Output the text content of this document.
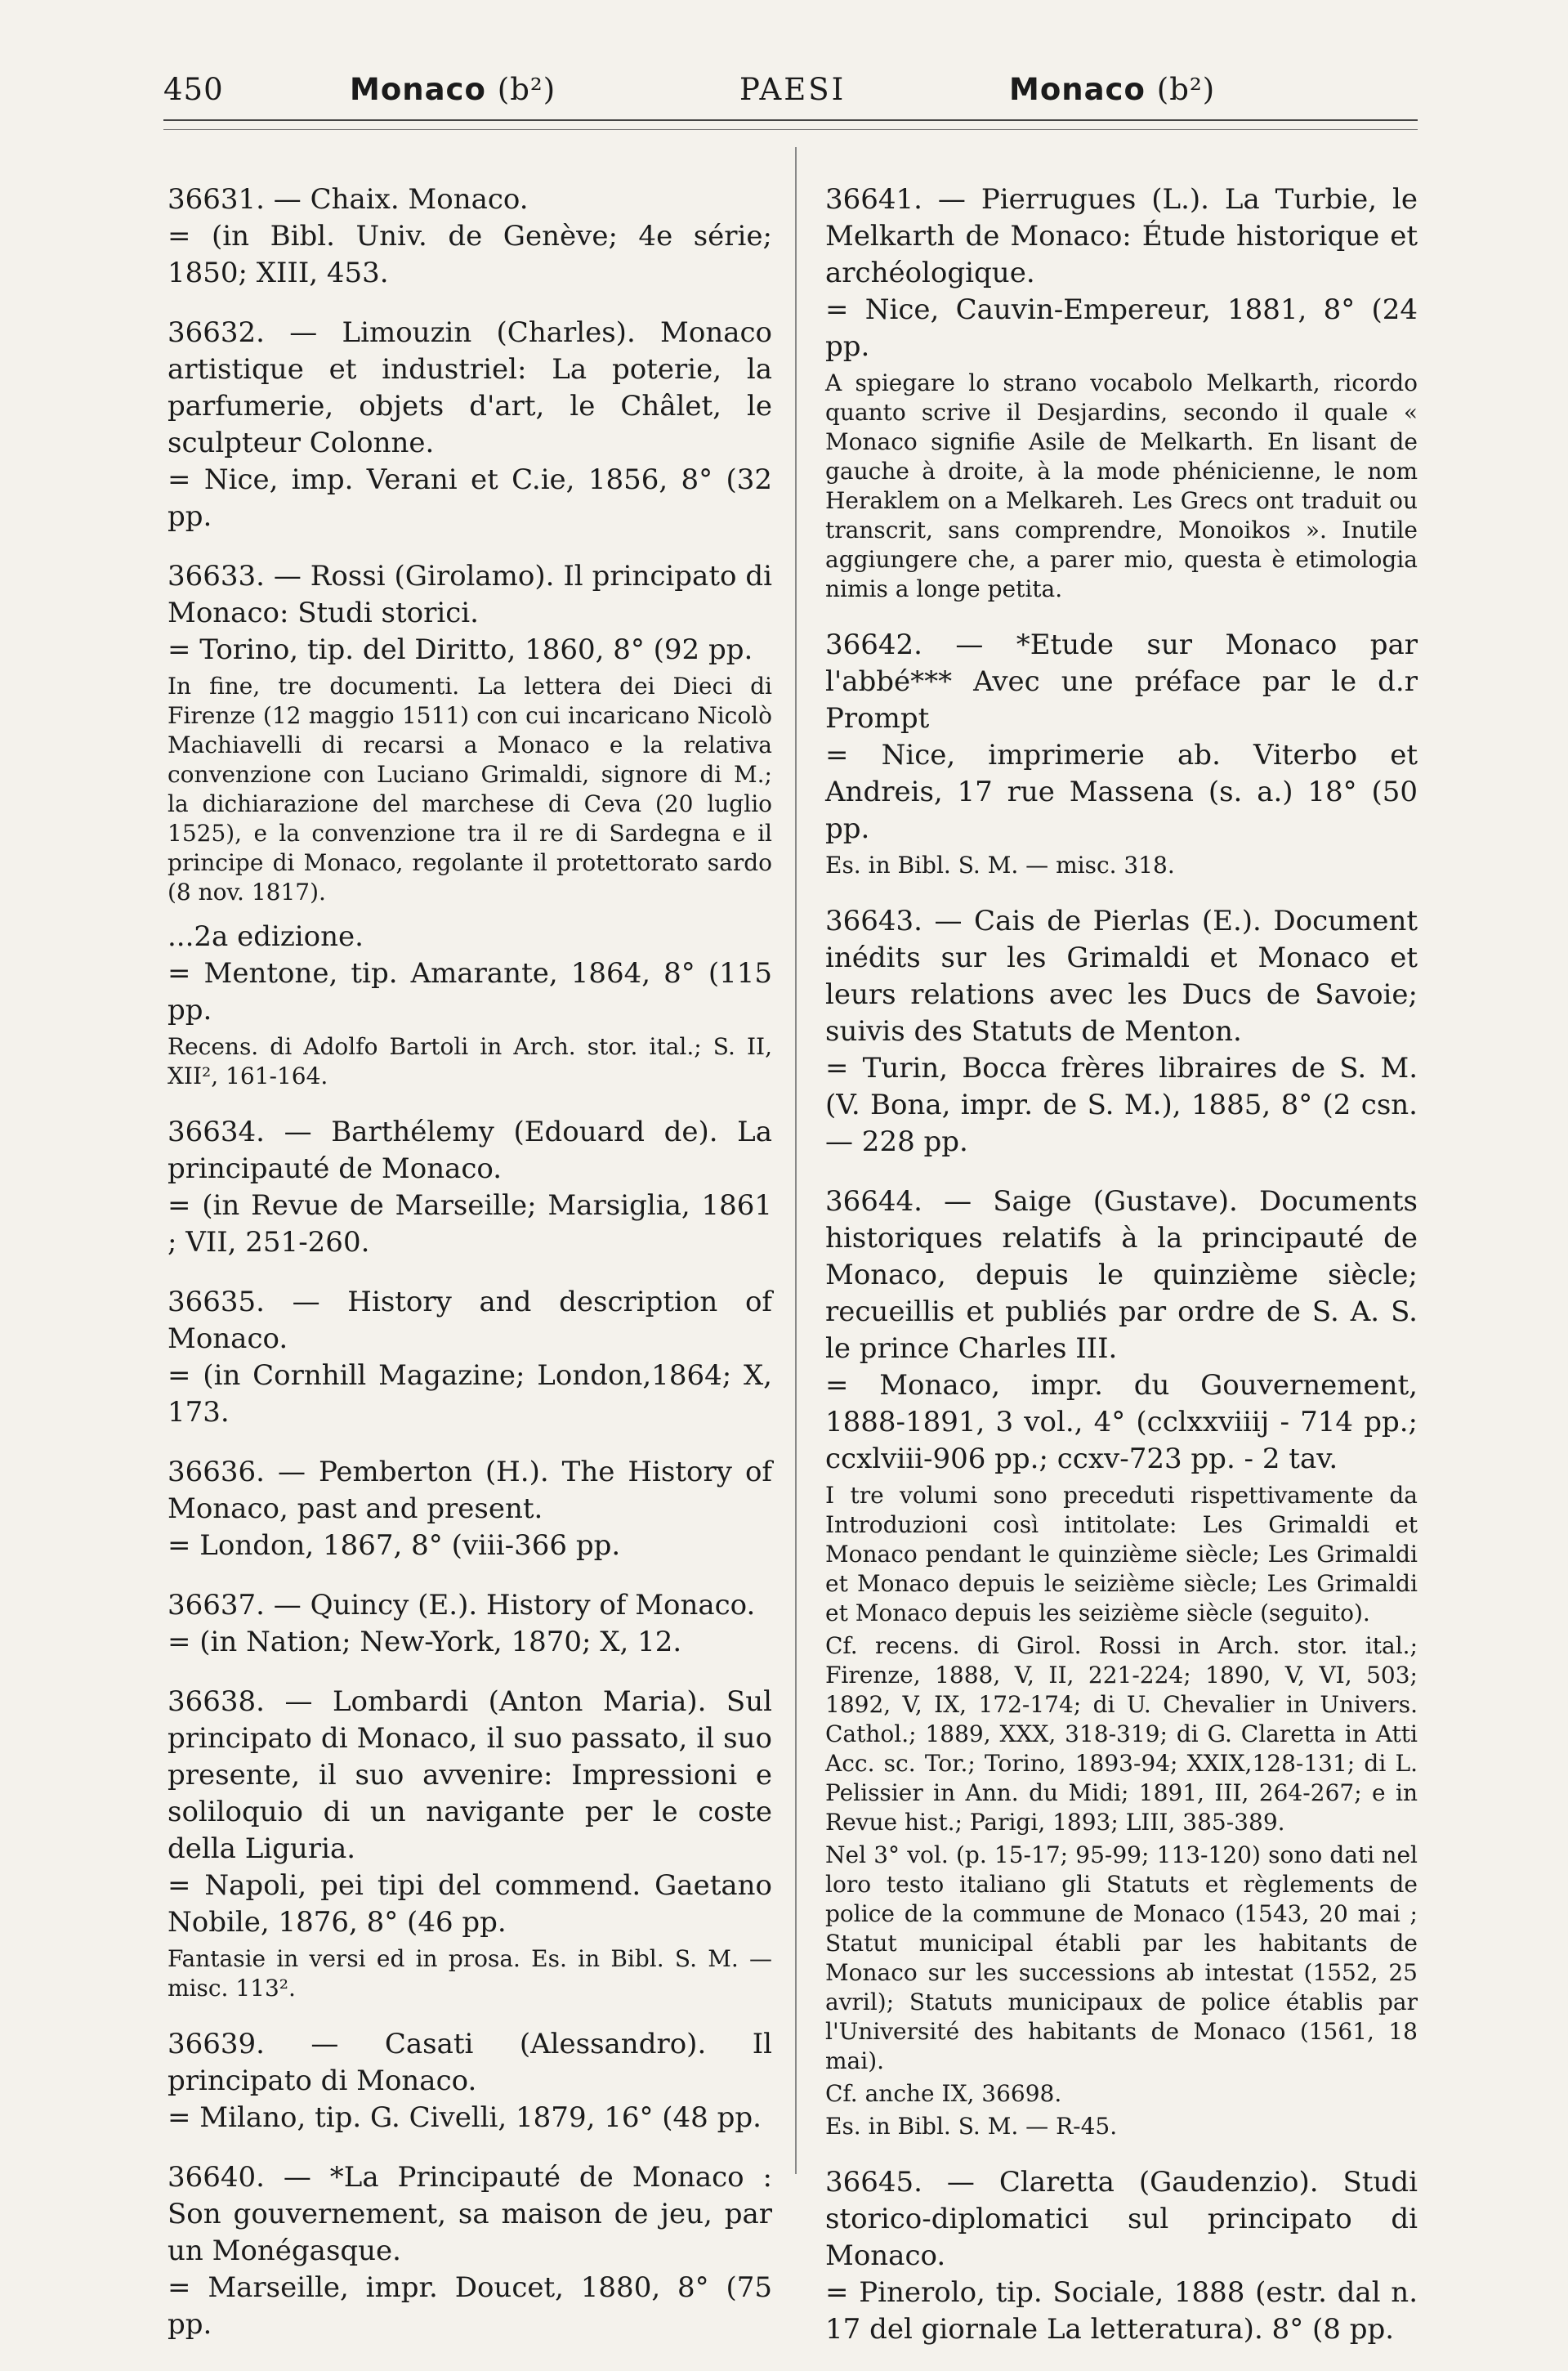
450	Monaco (b²)	PAESI	Monaco (b²)

36631. — Chaix. Monaco.

= (in Bibl. Univ. de Genève; 4e série; 1850; XIII, 453.

36632. — Limouzin (Charles). Monaco artistique et industriel: La poterie, la parfumerie, objets d'art, le Châlet, le sculpteur Colonne.

= Nice, imp. Verani et C.ie, 1856, 8° (32 pp.

36633. — Rossi (Girolamo). Il principato di Monaco: Studi storici.

= Torino, tip. del Diritto, 1860, 8° (92 pp.

In fine, tre documenti. La lettera dei Dieci di Firenze (12 maggio 1511) con cui incaricano Nicolò Machiavelli di recarsi a Monaco e la relativa convenzione con Luciano Grimaldi, signore di M.; la dichiarazione del marchese di Ceva (20 luglio 1525), e la convenzione tra il re di Sardegna e il principe di Monaco, regolante il protettorato sardo (8 nov. 1817).

...2a edizione.

= Mentone, tip. Amarante, 1864, 8° (115 pp.

Recens. di Adolfo Bartoli in Arch. stor. ital.; S. II, XII², 161-164.

36634. — Barthélemy (Edouard de). La principauté de Monaco.

= (in Revue de Marseille; Marsiglia, 1861 ; VII, 251-260.

36635. — History and description of Monaco.

= (in Cornhill Magazine; London,1864; X, 173.

36636. — Pemberton (H.). The History of Monaco, past and present.

= London, 1867, 8° (viii-366 pp.

36637. — Quincy (E.). History of Monaco.

= (in Nation; New-York, 1870; X, 12.

36638. — Lombardi (Anton Maria). Sul principato di Monaco, il suo passato, il suo presente, il suo avvenire: Impressioni e soliloquio di un navigante per le coste della Liguria.

= Napoli, pei tipi del commend. Gaetano Nobile, 1876, 8° (46 pp.

Fantasie in versi ed in prosa. Es. in Bibl. S. M. — misc. 113².

36639. — Casati (Alessandro). Il principato di Monaco.

= Milano, tip. G. Civelli, 1879, 16° (48 pp.

36640. — *La Principauté de Monaco : Son gouvernement, sa maison de jeu, par un Monégasque.

= Marseille, impr. Doucet, 1880, 8° (75 pp.

36641. — Pierrugues (L.). La Turbie, le Melkarth de Monaco: Étude historique et archéologique.

= Nice, Cauvin-Empereur, 1881, 8° (24 pp.

A spiegare lo strano vocabolo Melkarth, ricordo quanto scrive il Desjardins, secondo il quale « Monaco signifie Asile de Melkarth. En lisant de gauche à droite, à la mode phénicienne, le nom Heraklem on a Melkareh. Les Grecs ont traduit ou transcrit, sans comprendre, Monoikos ». Inutile aggiungere che, a parer mio, questa è etimologia nimis a longe petita.

36642. — *Etude sur Monaco par l'abbé*** Avec une préface par le d.r Prompt

= Nice, imprimerie ab. Viterbo et Andreis, 17 rue Massena (s. a.) 18° (50 pp.

Es. in Bibl. S. M. — misc. 318.

36643. — Cais de Pierlas (E.). Document inédits sur les Grimaldi et Monaco et leurs relations avec les Ducs de Savoie; suivis des Statuts de Menton.

= Turin, Bocca frères libraires de S. M. (V. Bona, impr. de S. M.), 1885, 8° (2 csn. — 228 pp.

36644. — Saige (Gustave). Documents historiques relatifs à la principauté de Monaco, depuis le quinzième siècle; recueillis et publiés par ordre de S. A. S. le prince Charles III.

= Monaco, impr. du Gouvernement, 1888-1891, 3 vol., 4° (cclxxviiij - 714 pp.; ccxlviii-906 pp.; ccxv-723 pp. - 2 tav.

I tre volumi sono preceduti rispettivamente da Introduzioni così intitolate: Les Grimaldi et Monaco pendant le quinzième siècle; Les Grimaldi et Monaco depuis le seizième siècle; Les Grimaldi et Monaco depuis les seizième siècle (seguito).

Cf. recens. di Girol. Rossi in Arch. stor. ital.; Firenze, 1888, V, II, 221-224; 1890, V, VI, 503; 1892, V, IX, 172-174; di U. Chevalier in Univers. Cathol.; 1889, XXX, 318-319; di G. Claretta in Atti Acc. sc. Tor.; Torino, 1893-94; XXIX,128-131; di L. Pelissier in Ann. du Midi; 1891, III, 264-267; e in Revue hist.; Parigi, 1893; LIII, 385-389.

Nel 3° vol. (p. 15-17; 95-99; 113-120) sono dati nel loro testo italiano gli Statuts et règlements de police de la commune de Monaco (1543, 20 mai ; Statut municipal établi par les habitants de Monaco sur les successions ab intestat (1552, 25 avril); Statuts municipaux de police établis par l'Université des habitants de Monaco (1561, 18 mai).

Cf. anche IX, 36698.

Es. in Bibl. S. M. — R-45.

36645. — Claretta (Gaudenzio). Studi storico-diplomatici sul principato di Monaco.

= Pinerolo, tip. Sociale, 1888 (estr. dal n. 17 del giornale La letteratura). 8° (8 pp.
